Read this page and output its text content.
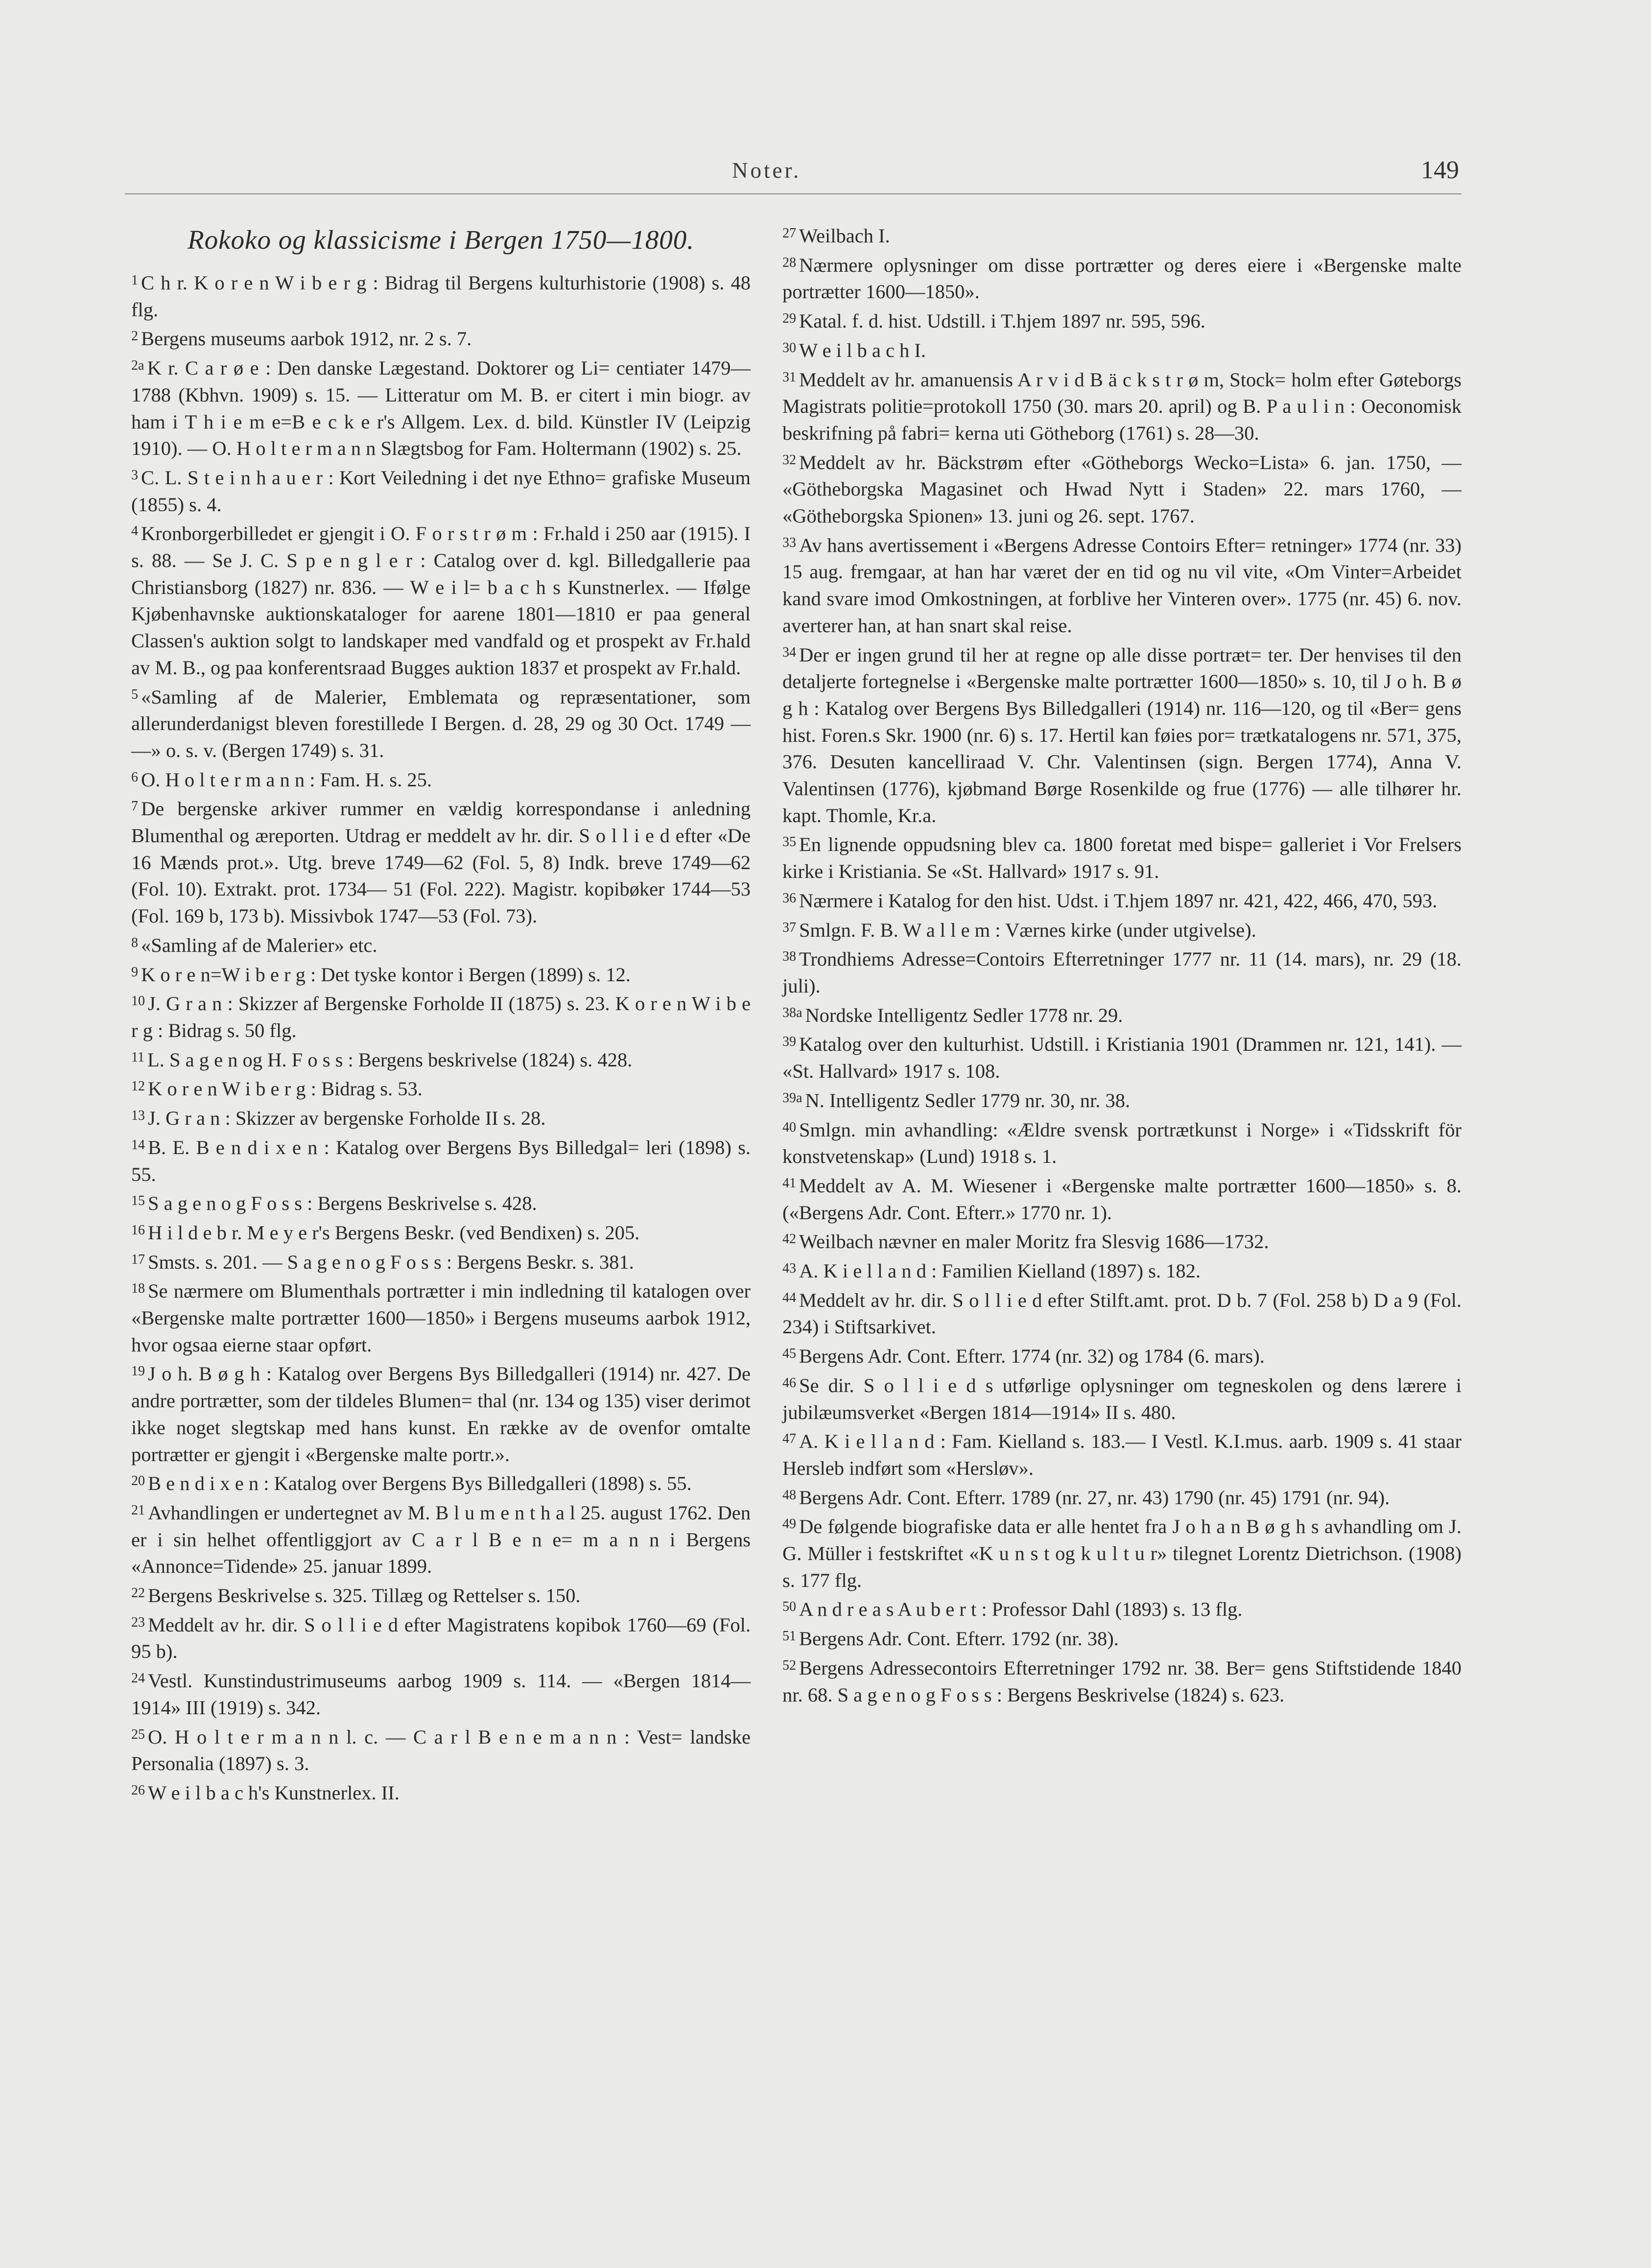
Noter.	149
Rokoko og klassicisme i Bergen 1750—1800.

$^1$ C h r. K o r e n W i b e r g : Bidrag til Bergens kulturhistorie (1908) s. 48 flg.

$^2$ Bergens museums aarbok 1912, nr. 2 s. 7.

$^{2a}$ K r. C a r ø e : Den danske Lægestand. Doktorer og Li= centiater 1479—1788 (Kbhvn. 1909) s. 15. — Litteratur om M. B. er citert i min biogr. av ham i T h i e m e=B e c k e r's Allgem. Lex. d. bild. Künstler IV (Leipzig 1910). — O. H o l t e r m a n n Slægtsbog for Fam. Holtermann (1902) s. 25.

$^3$ C. L. S t e i n h a u e r : Kort Veiledning i det nye Ethno= grafiske Museum (1855) s. 4.

$^4$ Kronborgerbilledet er gjengit i O. F o r s t r ø m : Fr.hald i 250 aar (1915). I s. 88. — Se J. C. S p e n g l e r : Catalog over d. kgl. Billedgallerie paa Christiansborg (1827) nr. 836. — W e i l= b a c h s Kunstnerlex. — Ifølge Kjøbenhavnske auktionskataloger for aarene 1801—1810 er paa general Classen's auktion solgt to landskaper med vandfald og et prospekt av Fr.hald av M. B., og paa konferentsraad Bugges auktion 1837 et prospekt av Fr.hald.

$^5$ «Samling af de Malerier, Emblemata og repræsentationer, som allerunderdanigst bleven forestillede I Bergen. d. 28, 29 og 30 Oct. 1749 — —» o. s. v. (Bergen 1749) s. 31.

$^6$ O. H o l t e r m a n n : Fam. H. s. 25.

$^7$ De bergenske arkiver rummer en vældig korrespondanse i anledning Blumenthal og æreporten. Utdrag er meddelt av hr. dir. S o l l i e d efter «De 16 Mænds prot.». Utg. breve 1749—62 (Fol. 5, 8) Indk. breve 1749—62 (Fol. 10). Extrakt. prot. 1734— 51 (Fol. 222). Magistr. kopibøker 1744—53 (Fol. 169 b, 173 b). Missivbok 1747—53 (Fol. 73).

$^8$ «Samling af de Malerier» etc.

$^9$ K o r e n=W i b e r g : Det tyske kontor i Bergen (1899) s. 12.

$^{10}$ J. G r a n : Skizzer af Bergenske Forholde II (1875) s. 23. K o r e n W i b e r g : Bidrag s. 50 flg.

$^{11}$ L. S a g e n og H. F o s s : Bergens beskrivelse (1824) s. 428.

$^{12}$ K o r e n W i b e r g : Bidrag s. 53.

$^{13}$ J. G r a n : Skizzer av bergenske Forholde II s. 28.

$^{14}$ B. E. B e n d i x e n : Katalog over Bergens Bys Billedgal= leri (1898) s. 55.

$^{15}$ S a g e n o g F o s s : Bergens Beskrivelse s. 428.

$^{16}$ H i l d e b r. M e y e r's Bergens Beskr. (ved Bendixen) s. 205.

$^{17}$ Smsts. s. 201. — S a g e n o g F o s s : Bergens Beskr. s. 381.

$^{18}$ Se nærmere om Blumenthals portrætter i min indledning til katalogen over «Bergenske malte portrætter 1600—1850» i Bergens museums aarbok 1912, hvor ogsaa eierne staar opført.

$^{19}$ J o h. B ø g h : Katalog over Bergens Bys Billedgalleri (1914) nr. 427. De andre portrætter, som der tildeles Blumen= thal (nr. 134 og 135) viser derimot ikke noget slegtskap med hans kunst. En række av de ovenfor omtalte portrætter er gjengit i «Bergenske malte portr.».

$^{20}$ B e n d i x e n : Katalog over Bergens Bys Billedgalleri (1898) s. 55.

$^{21}$ Avhandlingen er undertegnet av M. B l u m e n t h a l 25. august 1762. Den er i sin helhet offentliggjort av C a r l B e n e= m a n n i Bergens «Annonce=Tidende» 25. januar 1899.

$^{22}$ Bergens Beskrivelse s. 325. Tillæg og Rettelser s. 150.

$^{23}$ Meddelt av hr. dir. S o l l i e d efter Magistratens kopibok 1760—69 (Fol. 95 b).

$^{24}$ Vestl. Kunstindustrimuseums aarbog 1909 s. 114. — «Bergen 1814—1914» III (1919) s. 342.

$^{25}$ O. H o l t e r m a n n l. c. — C a r l B e n e m a n n : Vest= landske Personalia (1897) s. 3.

$^{26}$ W e i l b a c h's Kunstnerlex. II.

$^{27}$ Weilbach I.

$^{28}$ Nærmere oplysninger om disse portrætter og deres eiere i «Bergenske malte portrætter 1600—1850».

$^{29}$ Katal. f. d. hist. Udstill. i T.hjem 1897 nr. 595, 596.

$^{30}$ W e i l b a c h I.

$^{31}$ Meddelt av hr. amanuensis A r v i d B ä c k s t r ø m, Stock= holm efter Gøteborgs Magistrats politie=protokoll 1750 (30. mars 20. april) og B. P a u l i n : Oeconomisk beskrifning på fabri= kerna uti Götheborg (1761) s. 28—30.

$^{32}$ Meddelt av hr. Bäckstrøm efter «Götheborgs Wecko=Lista» 6. jan. 1750, — «Götheborgska Magasinet och Hwad Nytt i Staden» 22. mars 1760, — «Götheborgska Spionen» 13. juni og 26. sept. 1767.

$^{33}$ Av hans avertissement i «Bergens Adresse Contoirs Efter= retninger» 1774 (nr. 33) 15 aug. fremgaar, at han har været der en tid og nu vil vite, «Om Vinter=Arbeidet kand svare imod Omkostningen, at forblive her Vinteren over». 1775 (nr. 45) 6. nov. averterer han, at han snart skal reise.

$^{34}$ Der er ingen grund til her at regne op alle disse portræt= ter. Der henvises til den detaljerte fortegnelse i «Bergenske malte portrætter 1600—1850» s. 10, til J o h. B ø g h : Katalog over Bergens Bys Billedgalleri (1914) nr. 116—120, og til «Ber= gens hist. Foren.s Skr. 1900 (nr. 6) s. 17. Hertil kan føies por= trætkatalogens nr. 571, 375, 376. Desuten kancelliraad V. Chr. Valentinsen (sign. Bergen 1774), Anna V. Valentinsen (1776), kjøbmand Børge Rosenkilde og frue (1776) — alle tilhører hr. kapt. Thomle, Kr.a.

$^{35}$ En lignende oppudsning blev ca. 1800 foretat med bispe= galleriet i Vor Frelsers kirke i Kristiania. Se «St. Hallvard» 1917 s. 91.

$^{36}$ Nærmere i Katalog for den hist. Udst. i T.hjem 1897 nr. 421, 422, 466, 470, 593.

$^{37}$ Smlgn. F. B. W a l l e m : Værnes kirke (under utgivelse).

$^{38}$ Trondhiems Adresse=Contoirs Efterretninger 1777 nr. 11 (14. mars), nr. 29 (18. juli).

$^{38a}$ Nordske Intelligentz Sedler 1778 nr. 29.

$^{39}$ Katalog over den kulturhist. Udstill. i Kristiania 1901 (Drammen nr. 121, 141). — «St. Hallvard» 1917 s. 108.

$^{39a}$ N. Intelligentz Sedler 1779 nr. 30, nr. 38.

$^{40}$ Smlgn. min avhandling: «Ældre svensk portrætkunst i Norge» i «Tidsskrift för konstvetenskap» (Lund) 1918 s. 1.

$^{41}$ Meddelt av A. M. Wiesener i «Bergenske malte portrætter 1600—1850» s. 8. («Bergens Adr. Cont. Efterr.» 1770 nr. 1).

$^{42}$ Weilbach nævner en maler Moritz fra Slesvig 1686—1732.

$^{43}$ A. K i e l l a n d : Familien Kielland (1897) s. 182.

$^{44}$ Meddelt av hr. dir. S o l l i e d efter Stilft.amt. prot. D b. 7 (Fol. 258 b) D a 9 (Fol. 234) i Stiftsarkivet.

$^{45}$ Bergens Adr. Cont. Efterr. 1774 (nr. 32) og 1784 (6. mars).

$^{46}$ Se dir. S o l l i e d s utførlige oplysninger om tegneskolen og dens lærere i jubilæumsverket «Bergen 1814—1914» II s. 480.

$^{47}$ A. K i e l l a n d : Fam. Kielland s. 183.— I Vestl. K.I.mus. aarb. 1909 s. 41 staar Hersleb indført som «Hersløv».

$^{48}$ Bergens Adr. Cont. Efterr. 1789 (nr. 27, nr. 43) 1790 (nr. 45) 1791 (nr. 94).

$^{49}$ De følgende biografiske data er alle hentet fra J o h a n B ø g h s avhandling om J. G. Müller i festskriftet «K u n s t og k u l t u r» tilegnet Lorentz Dietrichson. (1908) s. 177 flg.

$^{50}$ A n d r e a s A u b e r t : Professor Dahl (1893) s. 13 flg.

$^{51}$ Bergens Adr. Cont. Efterr. 1792 (nr. 38).

$^{52}$ Bergens Adressecontoirs Efterretninger 1792 nr. 38. Ber= gens Stiftstidende 1840 nr. 68. S a g e n o g F o s s : Bergens Beskrivelse (1824) s. 623.
